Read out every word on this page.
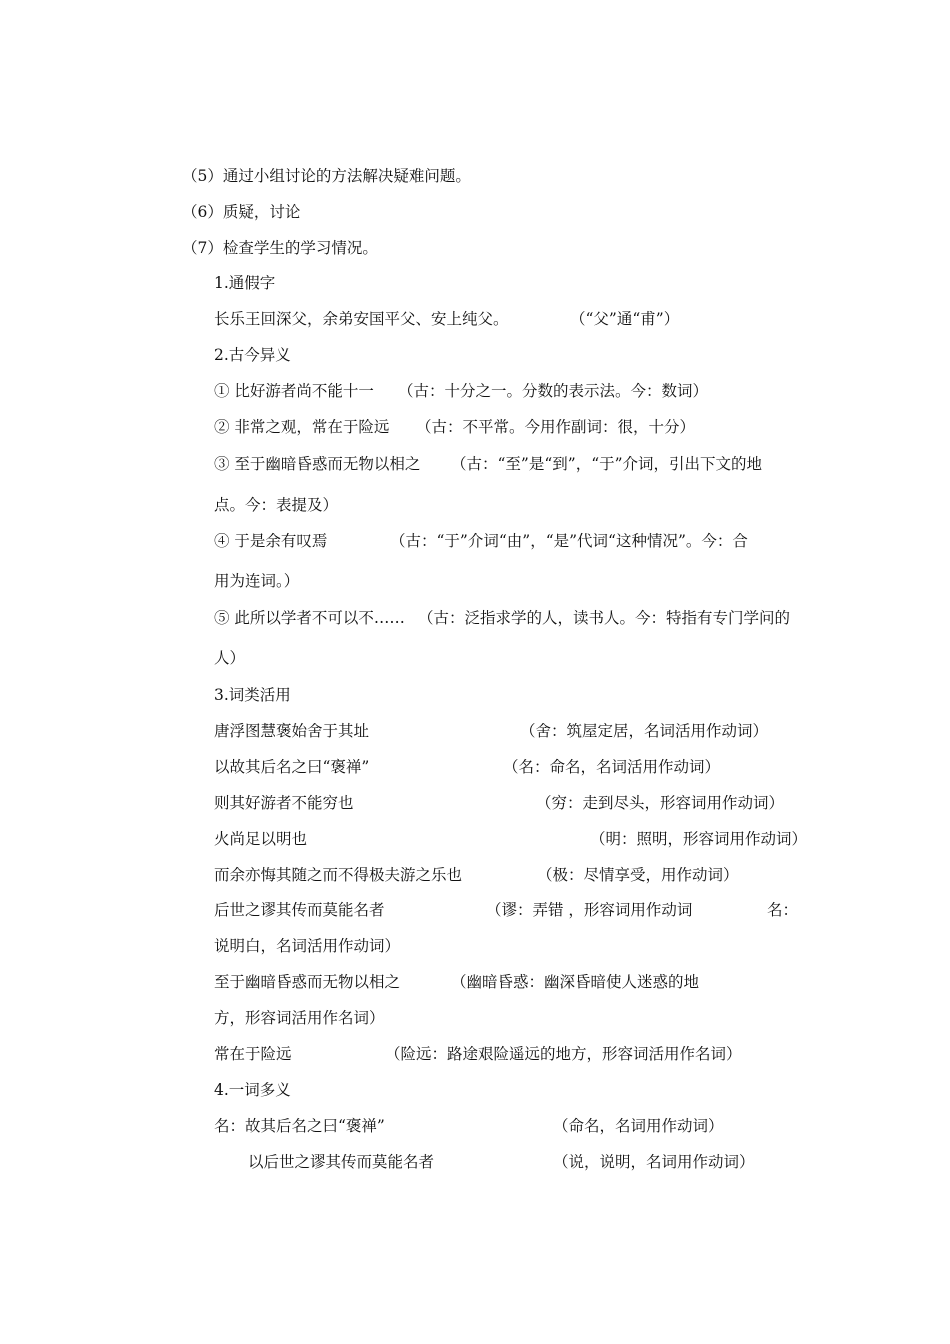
（5）通过小组讨论的方法解决疑难问题。
（6）质疑，讨论
（7）检查学生的学习情况。
1.通假字
长乐王回深父，余弟安国平父、安上纯父。	（“父”通“甫”）
2.古今异义
① 比好游者尚不能十一 （古：十分之一。分数的表示法。今：数词）
② 非常之观，常在于险远 （古：不平常。今用作副词：很，十分）
③ 至于幽暗昏惑而无物以相之 （古：“至”是“到”，“于”介词，引出下文的地
点。今：表提及）
④ 于是余有叹焉	（古：“于”介词“由”，“是”代词“这种情况”。今：合
用为连词。）
⑤ 此所以学者不可以不…… （古：泛指求学的人，读书人。今：特指有专门学问的
人）
3.词类活用
唐浮图慧褒始舍于其址	（舍：筑屋定居，名词活用作动词）
以故其后名之曰“褒禅”	（名：命名，名词活用作动词）
则其好游者不能穷也	（穷：走到尽头，形容词用作动词）
火尚足以明也	（明：照明，形容词用作动词）
而余亦悔其随之而不得极夫游之乐也	（极：尽情享受，用作动词）
后世之谬其传而莫能名者	（谬：弄错 ，形容词用作动词	名：
说明白，名词活用作动词）
至于幽暗昏惑而无物以相之	（幽暗昏惑：幽深昏暗使人迷惑的地
方，形容词活用作名词）
常在于险远	（险远：路途艰险遥远的地方，形容词活用作名词）
4.一词多义
名：故其后名之曰“褒禅”	（命名，名词用作动词）
以后世之谬其传而莫能名者	（说，说明，名词用作动词）
